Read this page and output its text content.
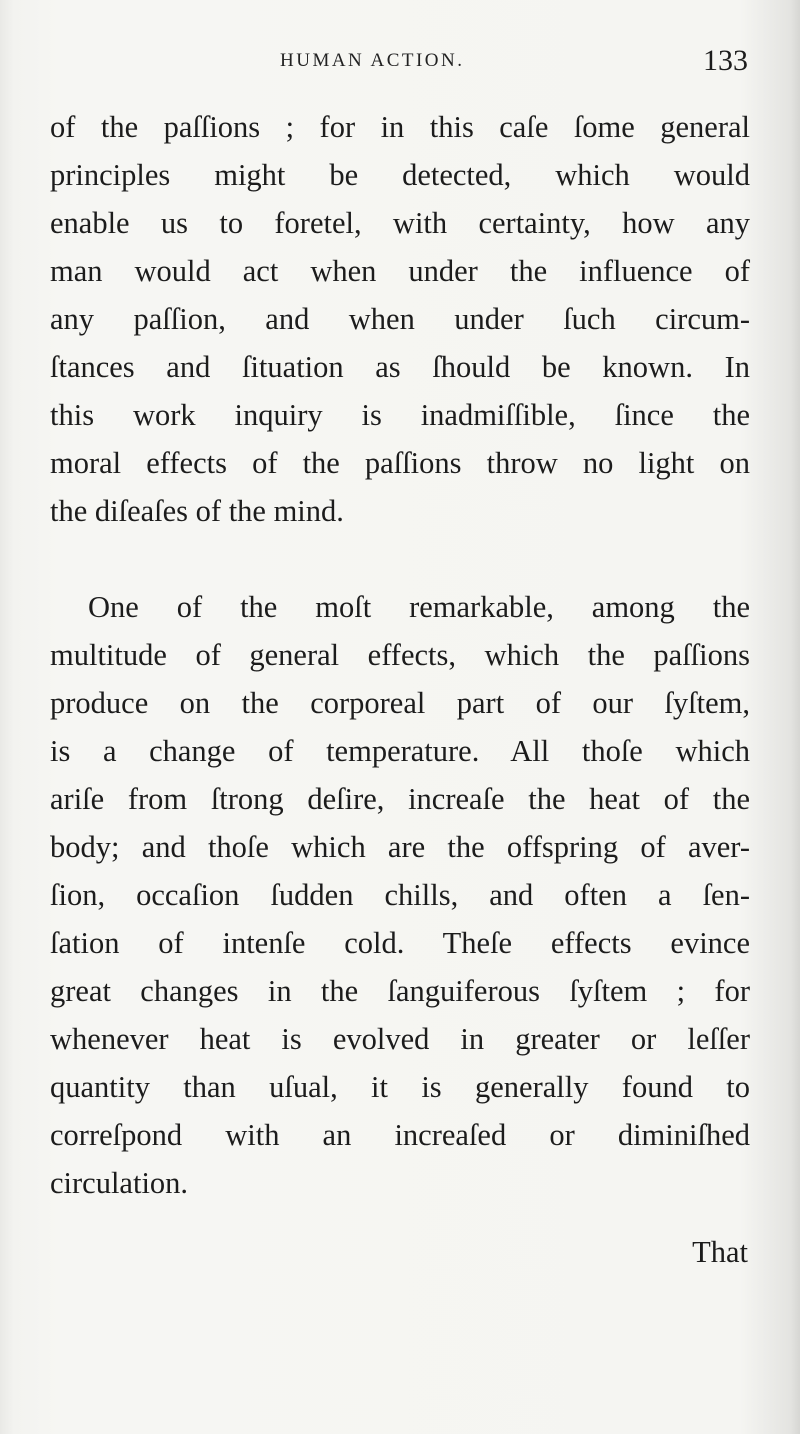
HUMAN ACTION.	133
of the paſſions ; for in this caſe ſome general
principles might be detected, which would
enable us to foretel, with certainty, how any
man would act when under the influence of
any paſſion, and when under ſuch circum-
ſtances and ſituation as ſhould be known. In
this work inquiry is inadmiſſible, ſince the
moral effects of the paſſions throw no light on
the diſeaſes of the mind.
One of the moſt remarkable, among the
multitude of general effects, which the paſſions
produce on the corporeal part of our ſyſtem,
is a change of temperature. All thoſe which
ariſe from ſtrong deſire, increaſe the heat of the
body; and thoſe which are the offspring of aver-
ſion, occaſion ſudden chills, and often a ſen-
ſation of intenſe cold. Theſe effects evince
great changes in the ſanguiferous ſyſtem ; for
whenever heat is evolved in greater or leſſer
quantity than uſual, it is generally found to
correſpond with an increaſed or diminiſhed
circulation.
That
